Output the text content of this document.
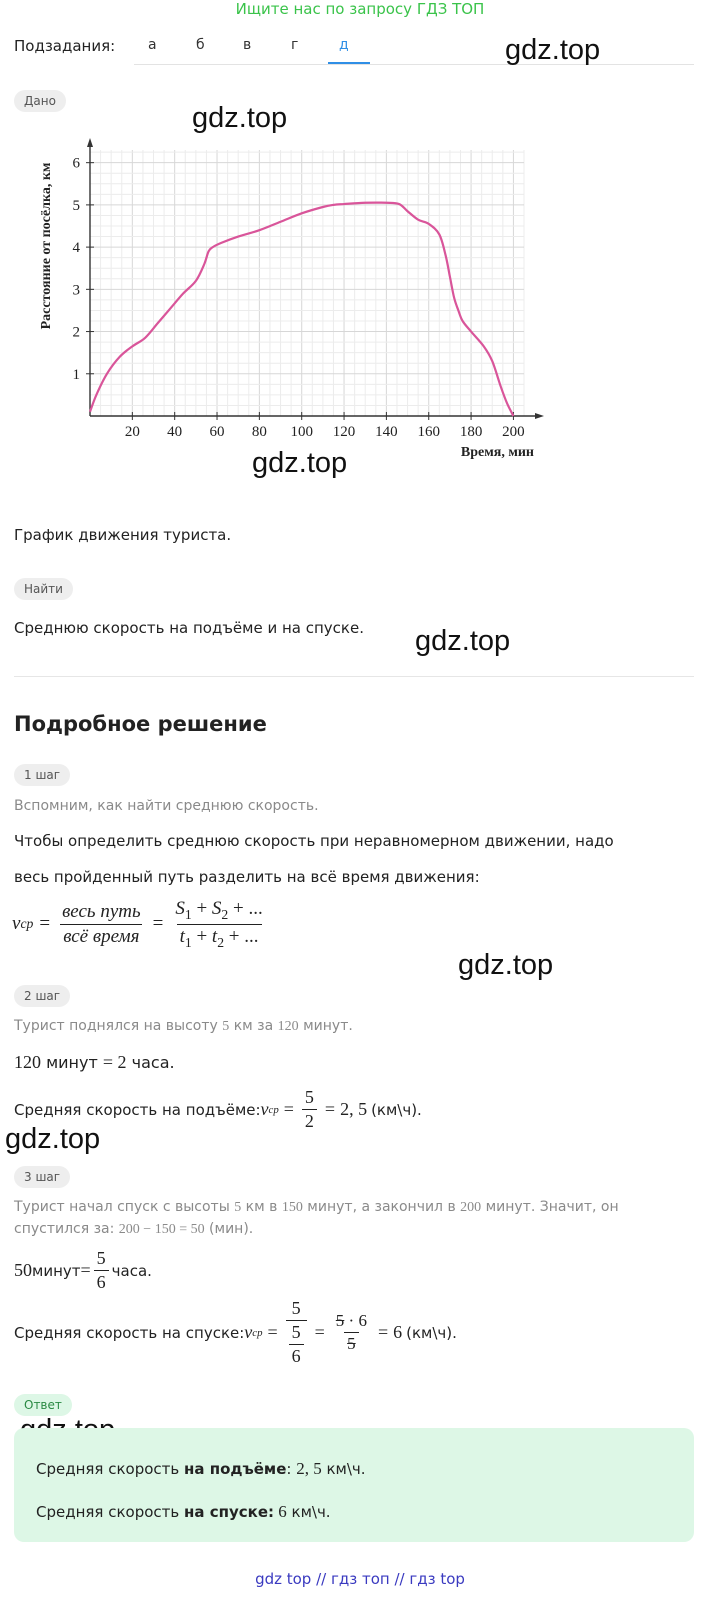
Ищите нас по запросу ГДЗ ТОП
Подзадания: а	б	в	г	д	gdz.top
gdz.top
gdz.top
gdz.top
gdz.top
gdz.top
Дано
20 40 60 80 100 120 140 160 180 200
1
2
3
4
5
6
Расстояние от посёлка, км
Время, мин
График движения туриста.
Найти
Среднюю скорость на подъёме и на спуске.
Подробное решение
1 шаг
Вспомним, как найти среднюю скорость.
Чтобы определить среднюю скорость при неравномерном движении, надо
весь пройденный путь разделить на всё время движения:
v ср = $\frac{\text{весь путь}}{\text{всё время}} = \frac{S_1 + S_2 + ...}{t_1 + t_2 + ...}$
2 шаг
Турист поднялся на высоту 5 км за 120 минут.
120 минут = 2 часа.
Средняя скорость на подъёме: v ср = $\frac{5}{2} = 2$, 5 (км\ч).
3 шаг
Турист начал спуск с высоты 5 км в 150 минут, а закончил в 200 минут. Значит, он
спустился за: 200 − 150 = 50 (мин).
50 минут = $\frac{5}{6}$ часа.
Средняя скорость на спуске: v ср = $\frac{5}{\frac{5}{6}} = \frac{5 \cdot 6}{5} = 6$ (км\ч).
Ответ
Средняя скорость на подъёме: 2, 5 км\ч.
Средняя скорость на спуске: 6 км\ч.
gdz top // гдз топ // гдз top
